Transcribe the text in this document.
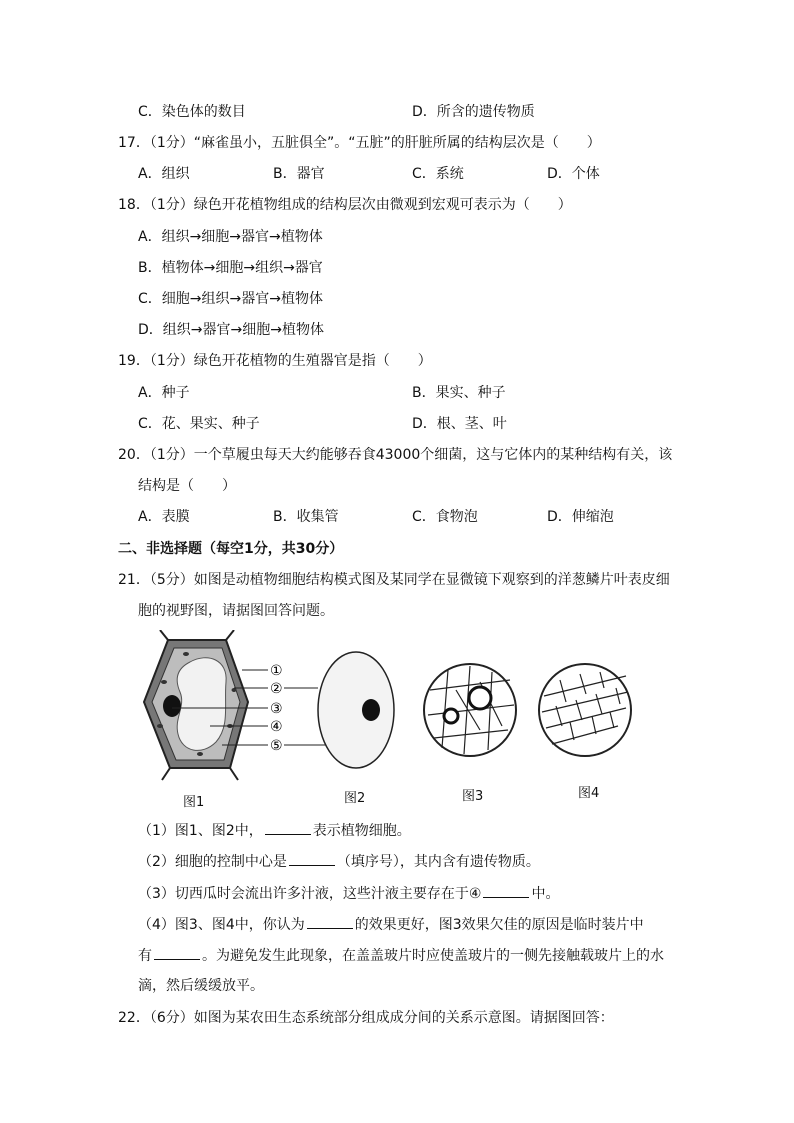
C．染色体的数目	D．所含的遗传物质
17．（1分）“麻雀虽小，五脏俱全”。“五脏”的肝脏所属的结构层次是（　　）
A．组织	B．器官	C．系统	D．个体
18．（1分）绿色开花植物组成的结构层次由微观到宏观可表示为（　　）
A．组织→细胞→器官→植物体
B．植物体→细胞→组织→器官
C．细胞→组织→器官→植物体
D．组织→器官→细胞→植物体
19．（1分）绿色开花植物的生殖器官是指（　　）
A．种子	B．果实、种子
C．花、果实、种子	D．根、茎、叶
20．（1分）一个草履虫每天大约能够吞食43000个细菌，这与它体内的某种结构有关，该
结构是（　　）
A．表膜	B．收集管	C．食物泡	D．伸缩泡
二、非选择题（每空1分，共30分）
21．（5分）如图是动植物细胞结构模式图及某同学在显微镜下观察到的洋葱鳞片叶表皮细
胞的视野图，请据图回答问题。
①
②
③
④
⑤
图1	图2	图3	图4
（1）图1、图2中，	表示植物细胞。
（2）细胞的控制中心是	（填序号），其内含有遗传物质。
（3）切西瓜时会流出许多汁液，这些汁液主要存在于④	中。
（4）图3、图4中，你认为	的效果更好，图3效果欠佳的原因是临时装片中
有	。为避免发生此现象，在盖盖玻片时应使盖玻片的一侧先接触载玻片上的水
滴，然后缓缓放平。
22．（6分）如图为某农田生态系统部分组成成分间的关系示意图。请据图回答：
